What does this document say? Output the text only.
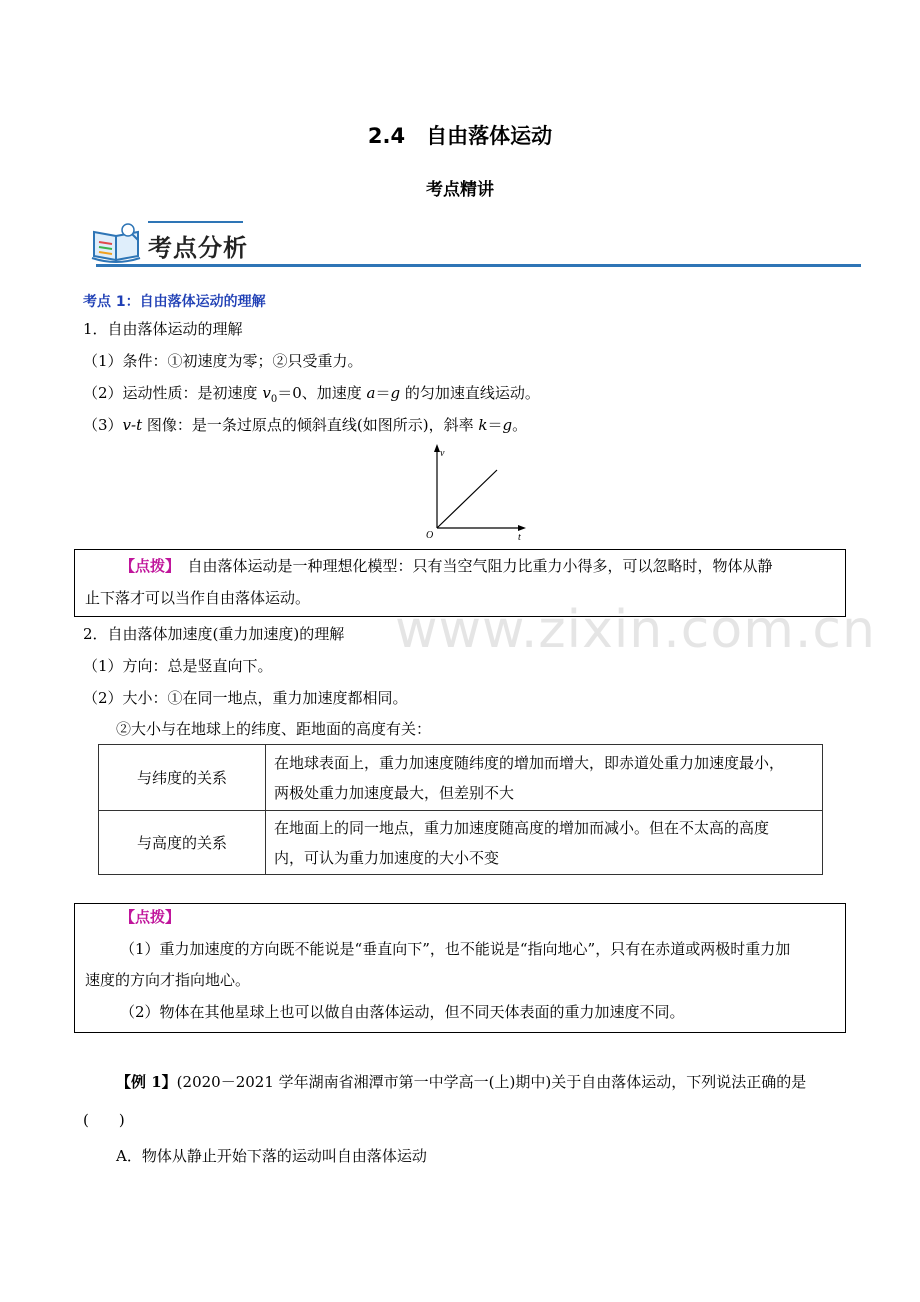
2.4　自由落体运动
考点精讲
考点分析
考点 1：自由落体运动的理解
1．自由落体运动的理解
（1）条件：①初速度为零；②只受重力。
（2）运动性质：是初速度 $v_0=0$、加速度 a＝g 的匀加速直线运动。
（3）v-t 图像：是一条过原点的倾斜直线(如图所示)，斜率 k＝g。
v
t
O
【点拨】　自由落体运动是一种理想化模型：只有当空气阻力比重力小得多，可以忽略时，物体从静
止下落才可以当作自由落体运动。
www.zixin.com.cn
2．自由落体加速度(重力加速度)的理解
（1）方向：总是竖直向下。
（2）大小：①在同一地点，重力加速度都相同。
②大小与在地球上的纬度、距地面的高度有关：
与纬度的关系	在地球表面上，重力加速度随纬度的增加而增大，即赤道处重力加速度最小，
两极处重力加速度最大，但差别不大

与高度的关系	在地面上的同一地点，重力加速度随高度的增加而减小。但在不太高的高度
内，可认为重力加速度的大小不变
【点拨】
（1）重力加速度的方向既不能说是“垂直向下”，也不能说是“指向地心”，只有在赤道或两极时重力加
速度的方向才指向地心。
（2）物体在其他星球上也可以做自由落体运动，但不同天体表面的重力加速度不同。
【例 1】(2020－2021 学年湖南省湘潭市第一中学高一(上)期中)关于自由落体运动，下列说法正确的是
(　　)
A．物体从静止开始下落的运动叫自由落体运动
